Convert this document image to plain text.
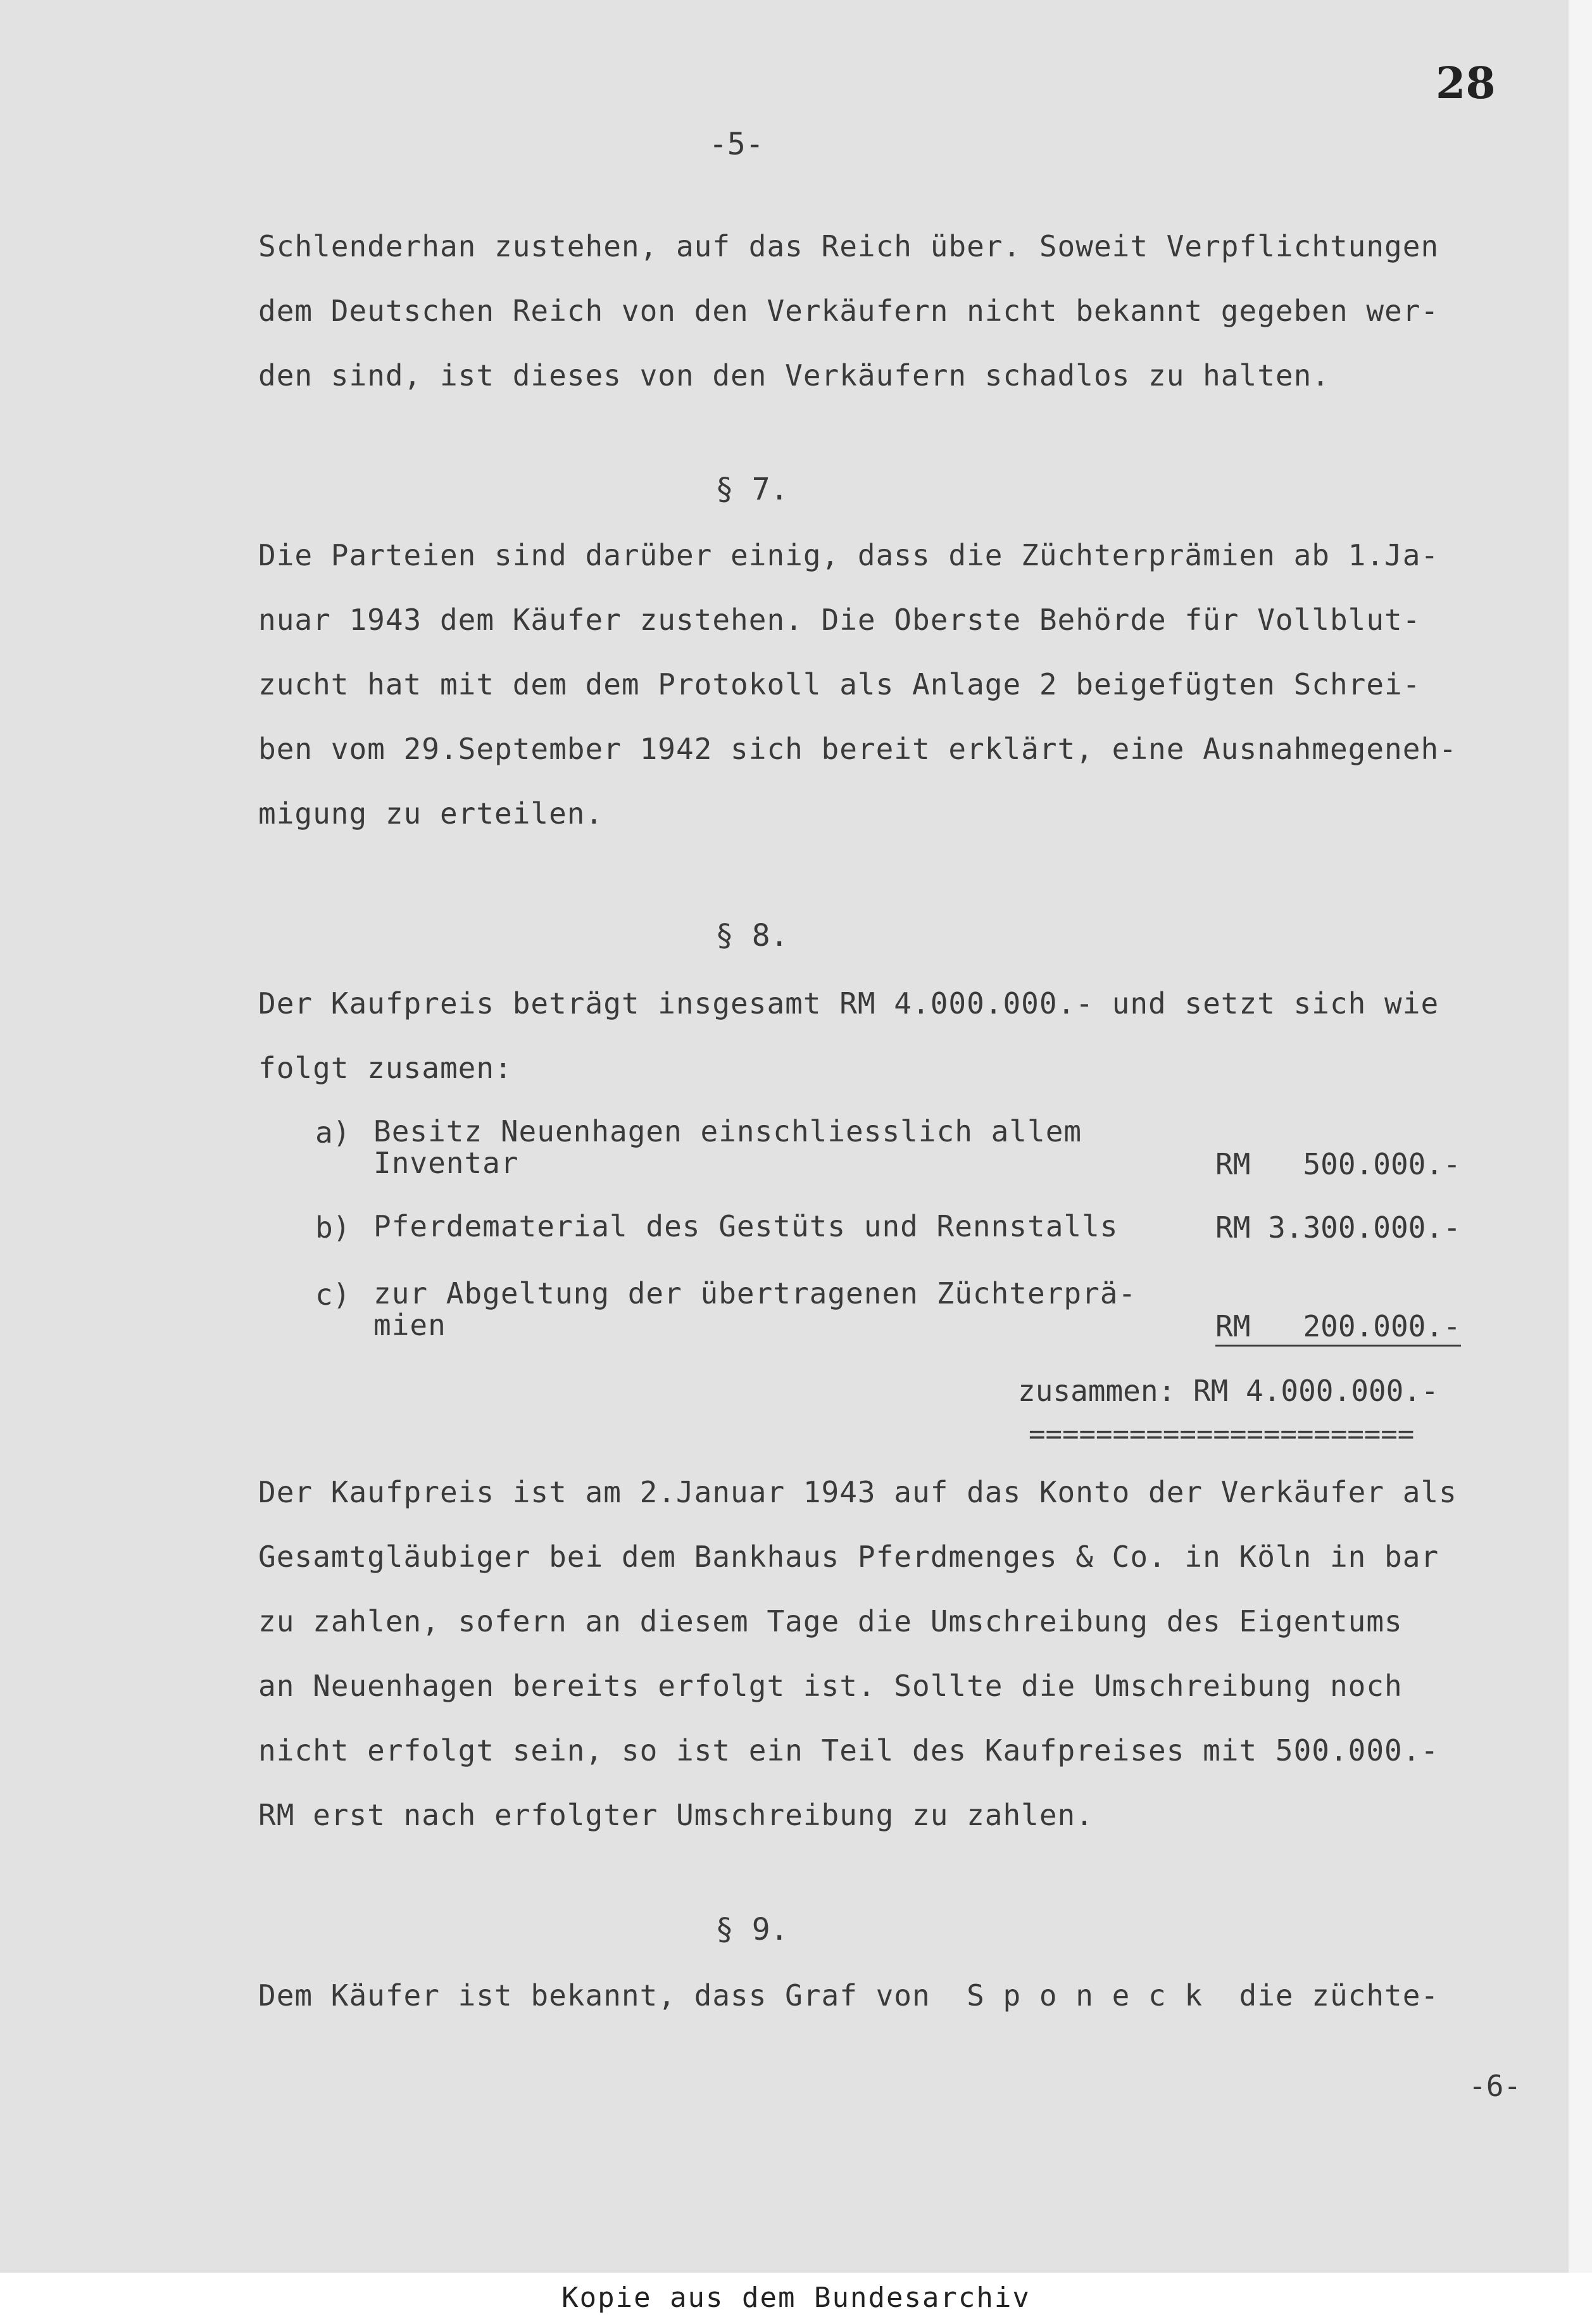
28
-5-
Schlenderhan zustehen, auf das Reich über. Soweit Verpflichtungen
dem Deutschen Reich von den Verkäufern nicht bekannt gegeben wer-
den sind, ist dieses von den Verkäufern schadlos zu halten.
§ 7.
Die Parteien sind darüber einig, dass die Züchterprämien ab 1.Ja-
nuar 1943 dem Käufer zustehen. Die Oberste Behörde für Vollblut-
zucht hat mit dem dem Protokoll als Anlage 2 beigefügten Schrei-
ben vom 29.September 1942 sich bereit erklärt, eine Ausnahmegeneh-
migung zu erteilen.
§ 8.
Der Kaufpreis beträgt insgesamt RM 4.000.000.- und setzt sich wie
folgt zusamen:
a) Besitz Neuenhagen einschliesslich allem
Inventar	RM   500.000.-
b) Pferdematerial des Gestüts und Rennstalls	RM 3.300.000.-
c) zur Abgeltung der übertragenen Züchterprä-
mien	RM   200.000.-
zusammen: RM 4.000.000.-
=======================
Der Kaufpreis ist am 2.Januar 1943 auf das Konto der Verkäufer als
Gesamtgläubiger bei dem Bankhaus Pferdmenges & Co. in Köln in bar
zu zahlen, sofern an diesem Tage die Umschreibung des Eigentums
an Neuenhagen bereits erfolgt ist. Sollte die Umschreibung noch
nicht erfolgt sein, so ist ein Teil des Kaufpreises mit 500.000.-
RM erst nach erfolgter Umschreibung zu zahlen.
§ 9.
Dem Käufer ist bekannt, dass Graf von  S p o n e c k  die züchte-
-6-
Kopie aus dem Bundesarchiv
